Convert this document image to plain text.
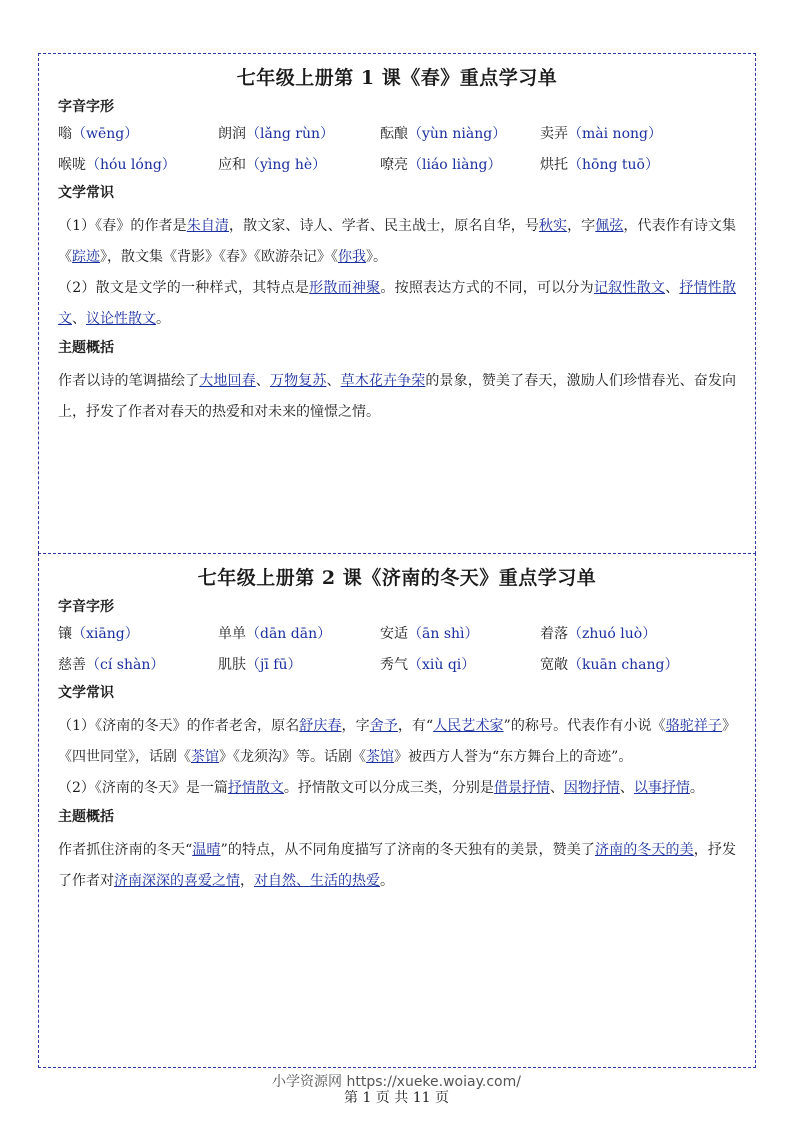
七年级上册第 1 课《春》重点学习单
字音字形
嗡（wēng）	朗润（lǎng rùn）	酝酿（yùn niàng）	卖弄（mài nong）
喉咙（hóu lóng）	应和（yìng hè）	嘹亮（liáo liàng）	烘托（hōng tuō）
文学常识

（1）《春》的作者是朱自清，散文家、诗人、学者、民主战士，原名自华，号秋实，字佩弦，代表作有诗文集《踪迹》，散文集《背影》《春》《欧游杂记》《你我》。

（2）散文是文学的一种样式，其特点是形散而神聚。按照表达方式的不同，可以分为记叙性散文、抒情性散文、议论性散文。

主题概括

作者以诗的笔调描绘了大地回春、万物复苏、草木花卉争荣的景象，赞美了春天，激励人们珍惜春光、奋发向上，抒发了作者对春天的热爱和对未来的憧憬之情。

七年级上册第 2 课《济南的冬天》重点学习单
字音字形
镶（xiāng）	单单（dān dān）	安适（ān shì）	着落（zhuó luò）
慈善（cí shàn）	肌肤（jī fū）	秀气（xiù qi）	宽敞（kuān chang）
文学常识

（1）《济南的冬天》的作者老舍，原名舒庆春，字舍予，有“人民艺术家”的称号。代表作有小说《骆驼祥子》《四世同堂》，话剧《茶馆》《龙须沟》等。话剧《茶馆》被西方人誉为“东方舞台上的奇迹”。

（2）《济南的冬天》是一篇抒情散文。抒情散文可以分成三类，分别是借景抒情、因物抒情、以事抒情。

主题概括

作者抓住济南的冬天“温晴”的特点，从不同角度描写了济南的冬天独有的美景，赞美了济南的冬天的美，抒发了作者对济南深深的喜爱之情，对自然、生活的热爱。

小学资源网 https://xueke.woiay.com/
第 1 页 共 11 页
